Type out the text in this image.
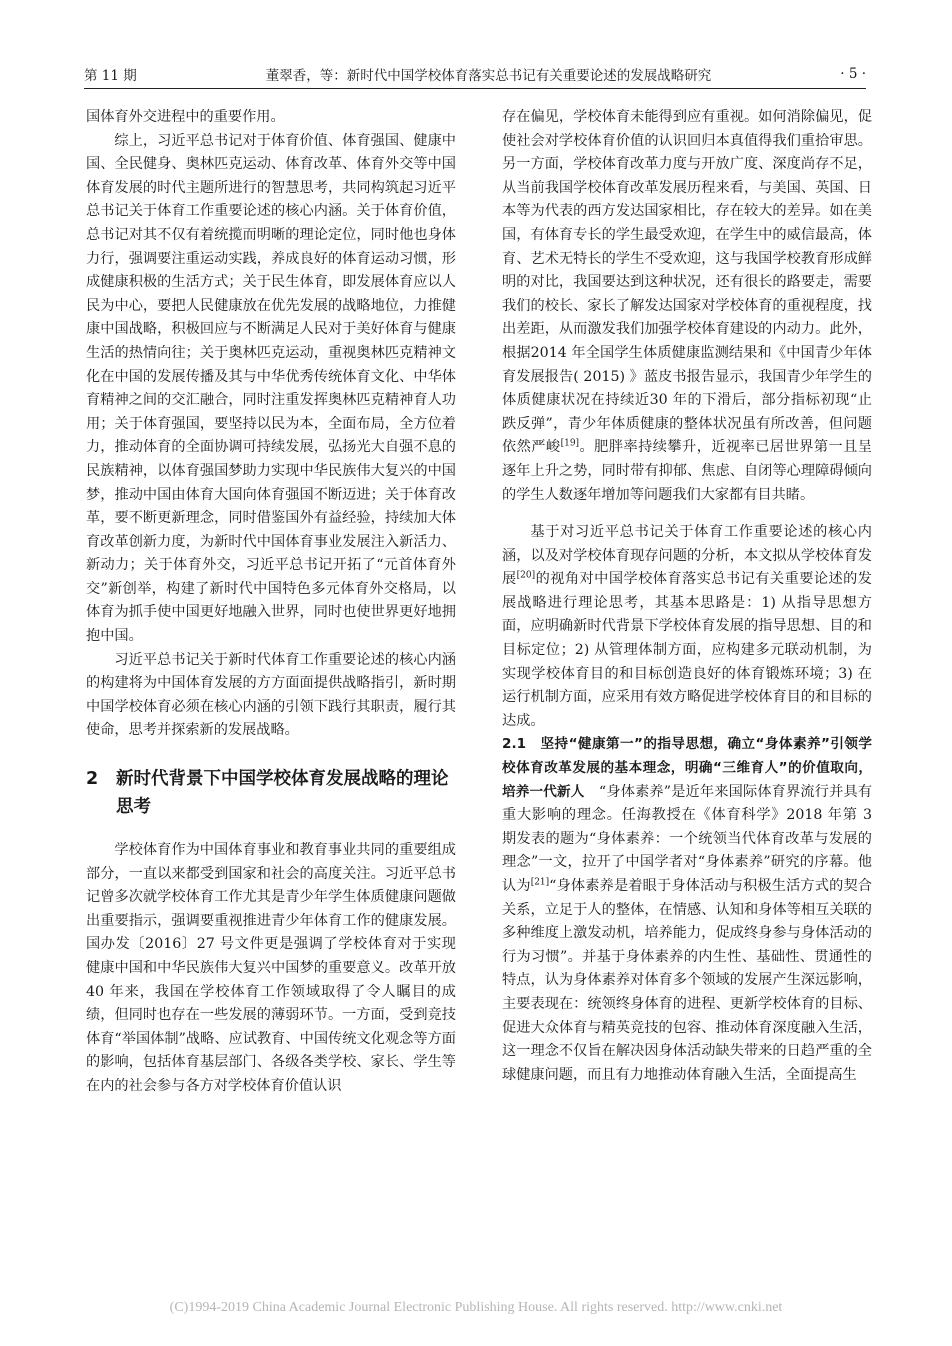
第 11 期	董翠香，等：新时代中国学校体育落实总书记有关重要论述的发展战略研究	· 5 ·

国体育外交进程中的重要作用。

综上，习近平总书记对于体育价值、体育强国、健康中国、全民健身、奥林匹克运动、体育改革、体育外交等中国体育发展的时代主题所进行的智慧思考，共同构筑起习近平总书记关于体育工作重要论述的核心内涵。关于体育价值，总书记对其不仅有着统揽而明晰的理论定位，同时他也身体力行，强调要注重运动实践，养成良好的体育运动习惯，形成健康积极的生活方式；关于民生体育，即发展体育应以人民为中心，要把人民健康放在优先发展的战略地位，力推健康中国战略，积极回应与不断满足人民对于美好体育与健康生活的热情向往；关于奥林匹克运动，重视奥林匹克精神文化在中国的发展传播及其与中华优秀传统体育文化、中华体育精神之间的交汇融合，同时注重发挥奥林匹克精神育人功用；关于体育强国，要坚持以民为本，全面布局，全方位着力，推动体育的全面协调可持续发展，弘扬光大自强不息的民族精神，以体育强国梦助力实现中华民族伟大复兴的中国梦，推动中国由体育大国向体育强国不断迈进；关于体育改革，要不断更新理念，同时借鉴国外有益经验，持续加大体育改革创新力度，为新时代中国体育事业发展注入新活力、新动力；关于体育外交，习近平总书记开拓了“元首体育外交”新创举，构建了新时代中国特色多元体育外交格局，以体育为抓手使中国更好地融入世界，同时也使世界更好地拥抱中国。

习近平总书记关于新时代体育工作重要论述的核心内涵的构建将为中国体育发展的方方面面提供战略指引，新时期中国学校体育必须在核心内涵的引领下践行其职责，履行其使命，思考并探索新的发展战略。

2	新时代背景下中国学校体育发展战略的理论思考

学校体育作为中国体育事业和教育事业共同的重要组成部分，一直以来都受到国家和社会的高度关注。习近平总书记曾多次就学校体育工作尤其是青少年学生体质健康问题做出重要指示，强调要重视推进青少年体育工作的健康发展。国办发〔2016〕27 号文件更是强调了学校体育对于实现健康中国和中华民族伟大复兴中国梦的重要意义。改革开放40 年来，我国在学校体育工作领域取得了令人瞩目的成绩，但同时也存在一些发展的薄弱环节。一方面，受到竞技体育“举国体制”战略、应试教育、中国传统文化观念等方面的影响，包括体育基层部门、各级各类学校、家长、学生等在内的社会参与各方对学校体育价值认识

存在偏见，学校体育未能得到应有重视。如何消除偏见，促使社会对学校体育价值的认识回归本真值得我们重拾审思。另一方面，学校体育改革力度与开放广度、深度尚存不足，从当前我国学校体育改革发展历程来看，与美国、英国、日本等为代表的西方发达国家相比，存在较大的差异。如在美国，有体育专长的学生最受欢迎，在学生中的威信最高，体育、艺术无特长的学生不受欢迎，这与我国学校教育形成鲜明的对比，我国要达到这种状况，还有很长的路要走，需要我们的校长、家长了解发达国家对学校体育的重视程度，找出差距，从而激发我们加强学校体育建设的内动力。此外，根据2014 年全国学生体质健康监测结果和《中国青少年体育发展报告( 2015) 》蓝皮书报告显示，我国青少年学生的体质健康状况在持续近30 年的下滑后，部分指标初现“止跌反弹”，青少年体质健康的整体状况虽有所改善，但问题依然严峻[19]。肥胖率持续攀升，近视率已居世界第一且呈逐年上升之势，同时带有抑郁、焦虑、自闭等心理障碍倾向的学生人数逐年增加等问题我们大家都有目共睹。

基于对习近平总书记关于体育工作重要论述的核心内涵，以及对学校体育现存问题的分析，本文拟从学校体育发展[20]的视角对中国学校体育落实总书记有关重要论述的发展战略进行理论思考，其基本思路是：1) 从指导思想方面，应明确新时代背景下学校体育发展的指导思想、目的和目标定位；2) 从管理体制方面，应构建多元联动机制，为实现学校体育目的和目标创造良好的体育锻炼环境；3) 在运行机制方面，应采用有效方略促进学校体育目的和目标的达成。

2.1　坚持“健康第一”的指导思想，确立“身体素养”引领学校体育改革发展的基本理念，明确“三维育人”的价值取向，培养一代新人　“身体素养”是近年来国际体育界流行并具有重大影响的理念。任海教授在《体育科学》2018 年第 3 期发表的题为“身体素养：一个统领当代体育改革与发展的理念”一文，拉开了中国学者对“身体素养”研究的序幕。他认为[21]“身体素养是着眼于身体活动与积极生活方式的契合关系，立足于人的整体，在情感、认知和身体等相互关联的多种维度上激发动机，培养能力，促成终身参与身体活动的行为习惯”。并基于身体素养的内生性、基础性、贯通性的特点，认为身体素养对体育多个领域的发展产生深远影响，主要表现在：统领终身体育的进程、更新学校体育的目标、促进大众体育与精英竞技的包容、推动体育深度融入生活，这一理念不仅旨在解决因身体活动缺失带来的日趋严重的全球健康问题，而且有力地推动体育融入生活，全面提高生

(C)1994-2019 China Academic Journal Electronic Publishing House. All rights reserved. http://www.cnki.net
